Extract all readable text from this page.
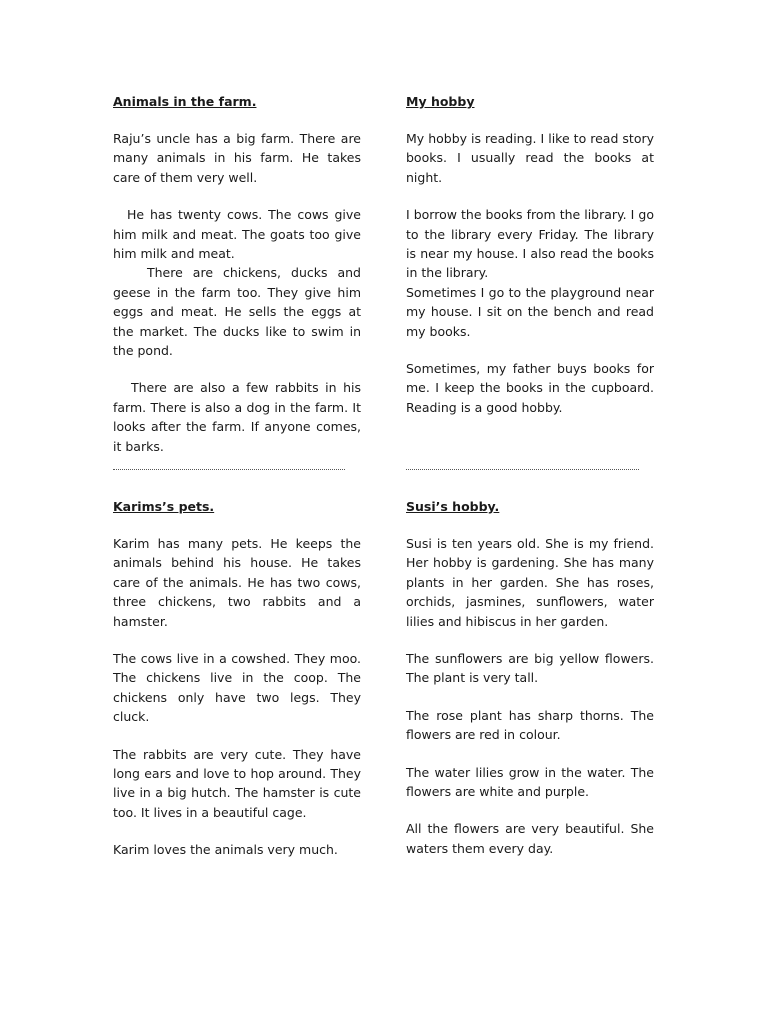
Animals in the farm.
Raju’s uncle has a big farm. There are many animals in his farm. He takes care of them very well.
He has twenty cows. The cows give him milk and meat. The goats too give him milk and meat.
There are chickens, ducks and geese in the farm too. They give him eggs and meat. He sells the eggs at the market. The ducks like to swim in the pond.
There are also a few rabbits in his farm. There is also a dog in the farm. It looks after the farm. If anyone comes, it barks.
My hobby
My hobby is reading. I like to read story books. I usually read the books at night.
I borrow the books from the library. I go to the library every Friday. The library is near my house. I also read the books in the library.
Sometimes I go to the playground near my house. I sit on the bench and read my books.
Sometimes, my father buys books for me. I keep the books in the cupboard. Reading is a good hobby.
Karims’s pets.
Karim has many pets. He keeps the animals behind his house. He takes care of the animals. He has two cows, three chickens, two rabbits and a hamster.
The cows live in a cowshed. They moo. The chickens live in the coop. The chickens only have two legs. They cluck.
The rabbits are very cute. They have long ears and love to hop around. They live in a big hutch. The hamster is cute too. It lives in a beautiful cage.
Karim loves the animals very much.
Susi’s hobby.
Susi is ten years old. She is my friend. Her hobby is gardening. She has many plants in her garden. She has roses, orchids, jasmines, sunflowers, water lilies and hibiscus in her garden.
The sunflowers are big yellow flowers. The plant is very tall.
The rose plant has sharp thorns. The flowers are red in colour.
The water lilies grow in the water. The flowers are white and purple.
All the flowers are very beautiful. She waters them every day.
